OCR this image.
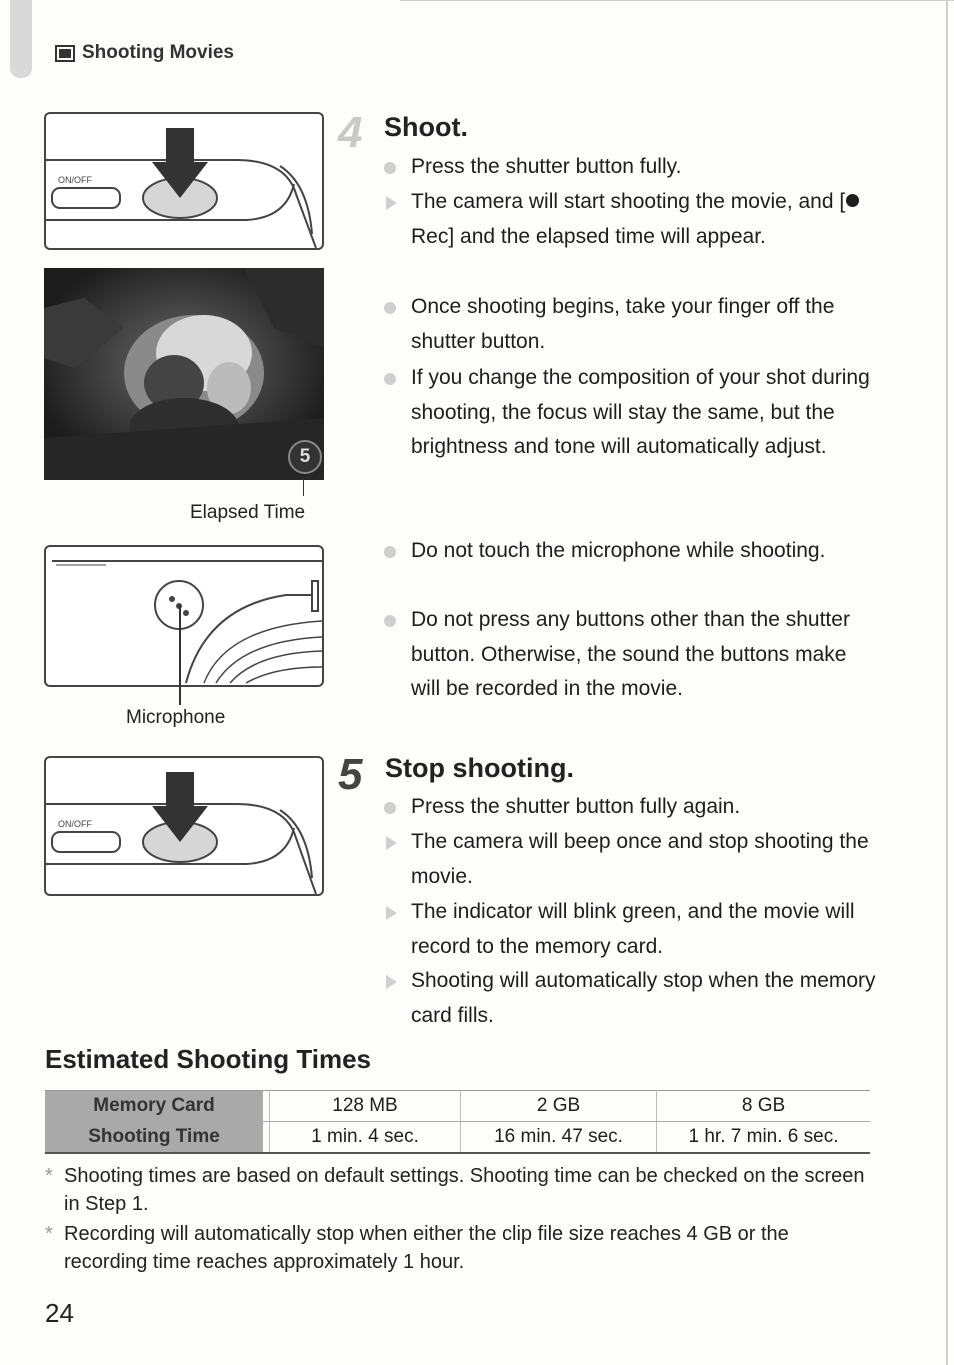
Shooting Movies
ON/OFF
5
Elapsed Time
Microphone
ON/OFF
4 Shoot.
Press the shutter button fully.
The camera will start shooting the movie, and [Rec] and the elapsed time will appear.
Once shooting begins, take your finger off the shutter button.
If you change the composition of your shot during shooting, the focus will stay the same, but the brightness and tone will automatically adjust.
Do not touch the microphone while shooting.
Do not press any buttons other than the shutter button. Otherwise, the sound the buttons make will be recorded in the movie.
5 Stop shooting.
Press the shutter button fully again.
The camera will beep once and stop shooting the movie.
The indicator will blink green, and the movie will record to the memory card.
Shooting will automatically stop when the memory card fills.
Estimated Shooting Times
Memory Card		128 MB	2 GB	8 GB
Shooting Time		1 min. 4 sec.	16 min. 47 sec.	1 hr. 7 min. 6 sec.
* Shooting times are based on default settings. Shooting time can be checked on the screen in Step 1.
* Recording will automatically stop when either the clip file size reaches 4 GB or the recording time reaches approximately 1 hour.
24
